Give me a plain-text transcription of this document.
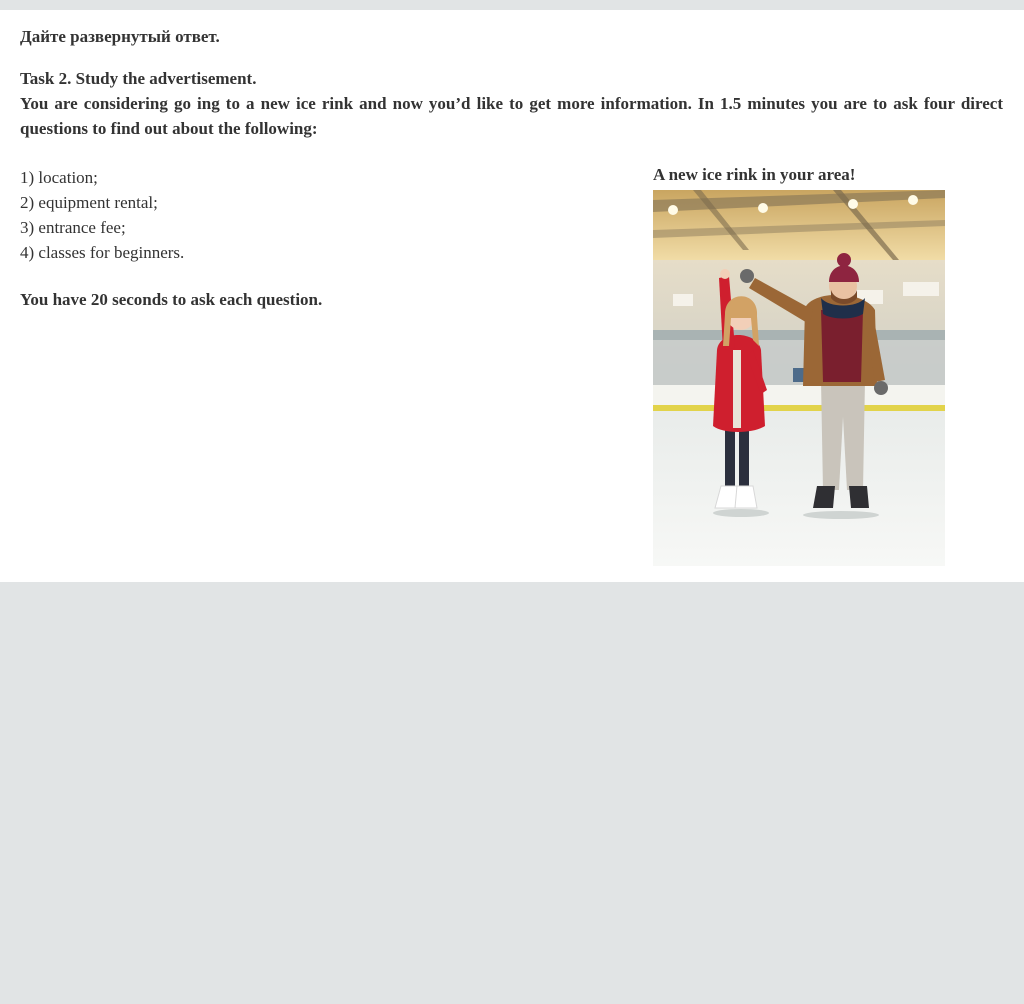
Дайте развернутый ответ.

Task 2. Study the advertisement.
You are considering go ing to a new ice rink and now you’d like to get more information. In 1.5 minutes you are to ask four direct questions to find out about the following:

1) location;
2) equipment rental;
3) entrance fee;
4) classes for beginners.

You have 20 seconds to ask each question.

A new ice rink in your area!
